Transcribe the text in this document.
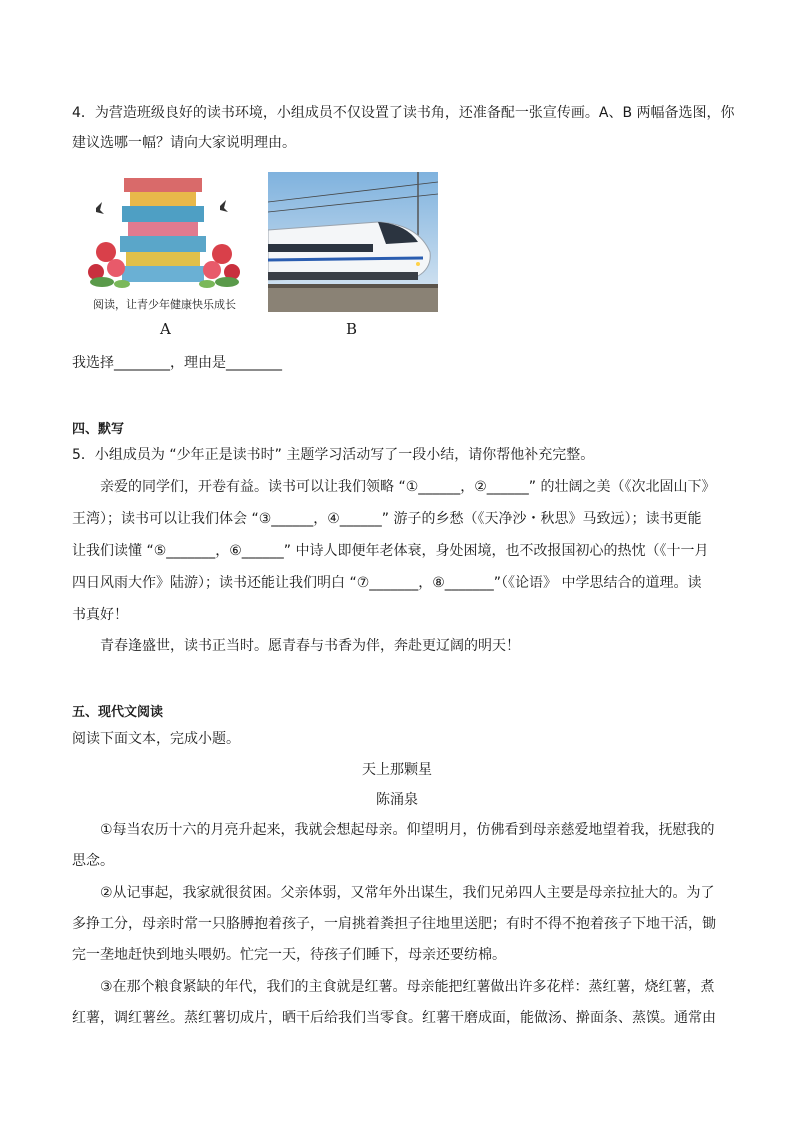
4．为营造班级良好的读书环境，小组成员不仅设置了读书角，还准备配一张宣传画。A、B 两幅备选图，你
建议选哪一幅？请向大家说明理由。
阅读，让青少年健康快乐成长
A	B
我选择________，理由是________
四、默写
5．小组成员为 “少年正是读书时” 主题学习活动写了一段小结，请你帮他补充完整。
亲爱的同学们，开卷有益。读书可以让我们领略 “①______，②______” 的壮阔之美（《次北固山下》
王湾）；读书可以让我们体会 “③______，④______” 游子的乡愁（《天净沙・秋思》马致远）；读书更能
让我们读懂 “⑤_______，⑥______” 中诗人即便年老体衰，身处困境，也不改报国初心的热忱（《十一月
四日风雨大作》陆游）；读书还能让我们明白 “⑦_______，⑧_______”（《论语》 中学思结合的道理。读
书真好！
青春逢盛世，读书正当时。愿青春与书香为伴，奔赴更辽阔的明天！
五、现代文阅读
阅读下面文本，完成小题。
天上那颗星
陈涌泉
①每当农历十六的月亮升起来，我就会想起母亲。仰望明月，仿佛看到母亲慈爱地望着我，抚慰我的
思念。
②从记事起，我家就很贫困。父亲体弱，又常年外出谋生，我们兄弟四人主要是母亲拉扯大的。为了
多挣工分，母亲时常一只胳膊抱着孩子，一肩挑着粪担子往地里送肥；有时不得不抱着孩子下地干活，锄
完一垄地赶快到地头喂奶。忙完一天，待孩子们睡下，母亲还要纺棉。
③在那个粮食紧缺的年代，我们的主食就是红薯。母亲能把红薯做出许多花样：蒸红薯，烧红薯，煮
红薯，调红薯丝。蒸红薯切成片，晒干后给我们当零食。红薯干磨成面，能做汤、擀面条、蒸馍。通常由
